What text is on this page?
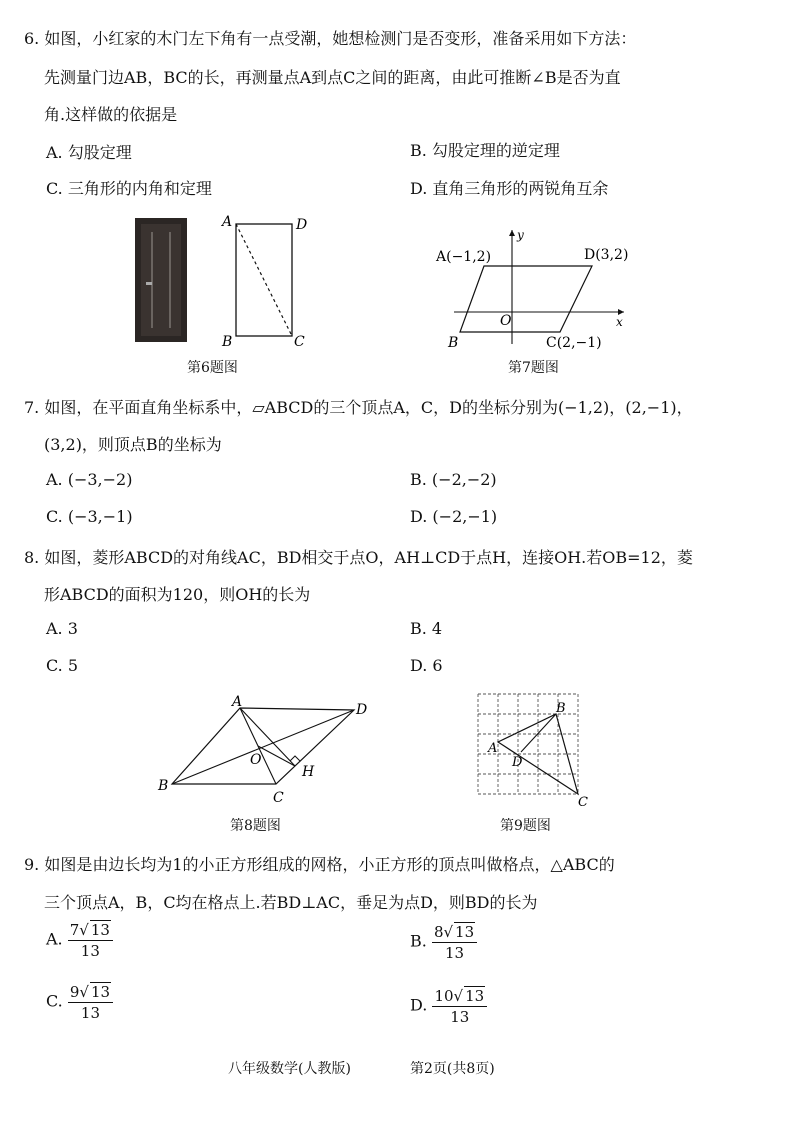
6. 如图，小红家的木门左下角有一点受潮，她想检测门是否变形，准备采用如下方法：
先测量门边AB，BC的长，再测量点A到点C之间的距离，由此可推断∠B是否为直
角.这样做的依据是
A. 勾股定理	B. 勾股定理的逆定理
C. 三角形的内角和定理	D. 直角三角形的两锐角互余
A	D
B	C
第6题图
y
x
A(−1,2)	D(3,2)
O
B	C(2,−1)
第7题图
7. 如图，在平面直角坐标系中，▱ABCD的三个顶点A，C，D的坐标分别为(−1,2)，(2,−1)，
(3,2)，则顶点B的坐标为
A. (−3,−2)	B. (−2,−2)
C. (−3,−1)	D. (−2,−1)
8. 如图，菱形ABCD的对角线AC，BD相交于点O，AH⊥CD于点H，连接OH.若OB=12，菱
形ABCD的面积为120，则OH的长为
A. 3	B. 4
C. 5	D. 6
A	D
O
H
B
C
第8题图
B
A
D
C
第9题图
9. 如图是由边长均为1的小正方形组成的网格，小正方形的顶点叫做格点，△ABC的
三个顶点A，B，C均在格点上.若BD⊥AC，垂足为点D，则BD的长为
A. $\frac{7√ 13}{13}$	B. $\frac{8√ 13}{13}$
C. $\frac{9√ 13}{13}$	D. $\frac{10√ 13}{13}$
八年级数学(人教版)	第2页(共8页)
